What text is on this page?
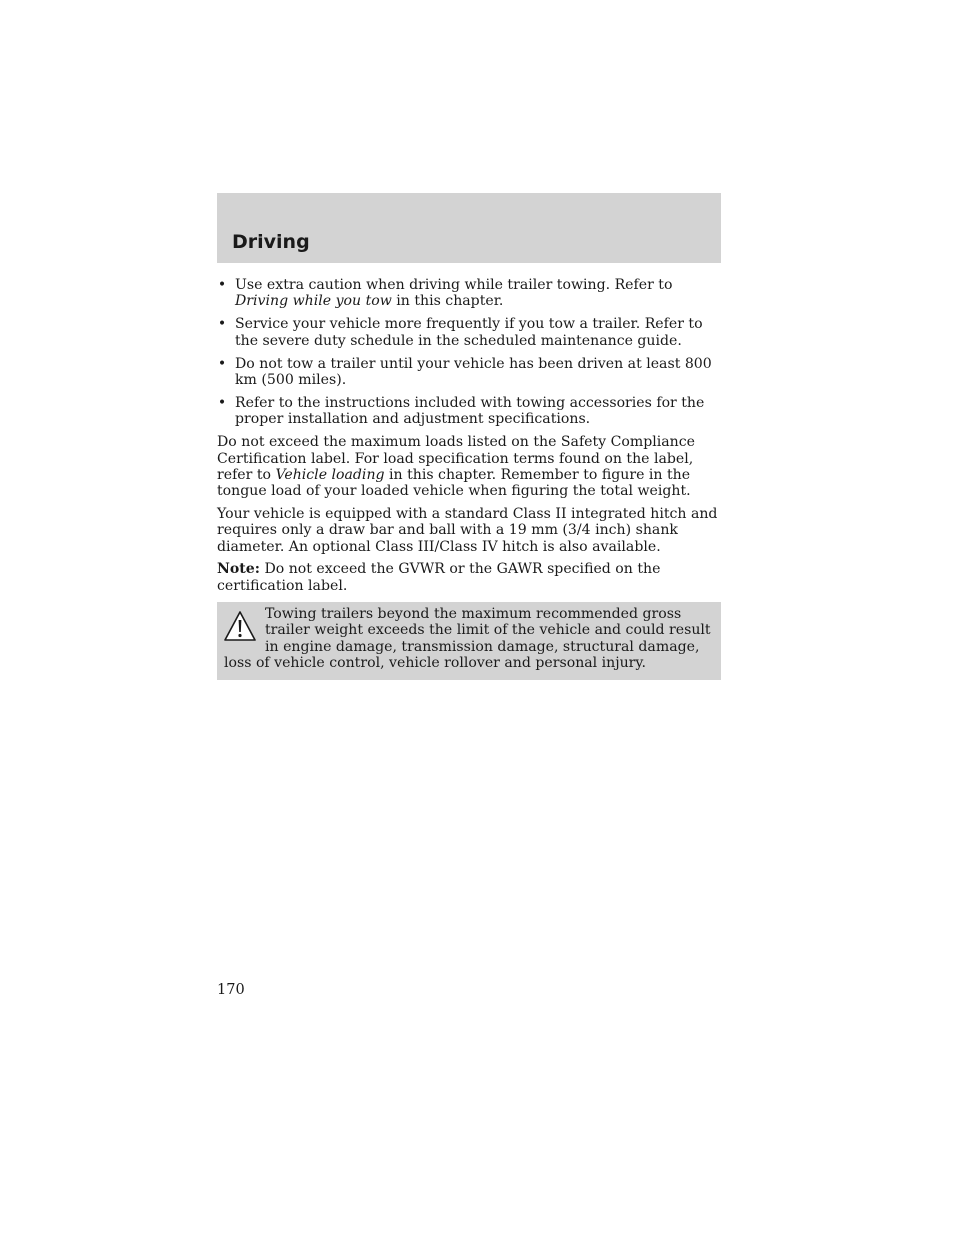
Driving
• Use extra caution when driving while trailer towing. Refer to Driving while you tow in this chapter.
• Service your vehicle more frequently if you tow a trailer. Refer to the severe duty schedule in the scheduled maintenance guide.
• Do not tow a trailer until your vehicle has been driven at least 800 km (500 miles).
• Refer to the instructions included with towing accessories for the proper installation and adjustment specifications.

Do not exceed the maximum loads listed on the Safety Compliance Certification label. For load specification terms found on the label, refer to Vehicle loading in this chapter. Remember to figure in the tongue load of your loaded vehicle when figuring the total weight.

Your vehicle is equipped with a standard Class II integrated hitch and requires only a draw bar and ball with a 19 mm (3/4 inch) shank diameter. An optional Class III/Class IV hitch is also available.

Note: Do not exceed the GVWR or the GAWR specified on the certification label.

Towing trailers beyond the maximum recommended gross trailer weight exceeds the limit of the vehicle and could result in engine damage, transmission damage, structural damage, loss of vehicle control, vehicle rollover and personal injury.
170
